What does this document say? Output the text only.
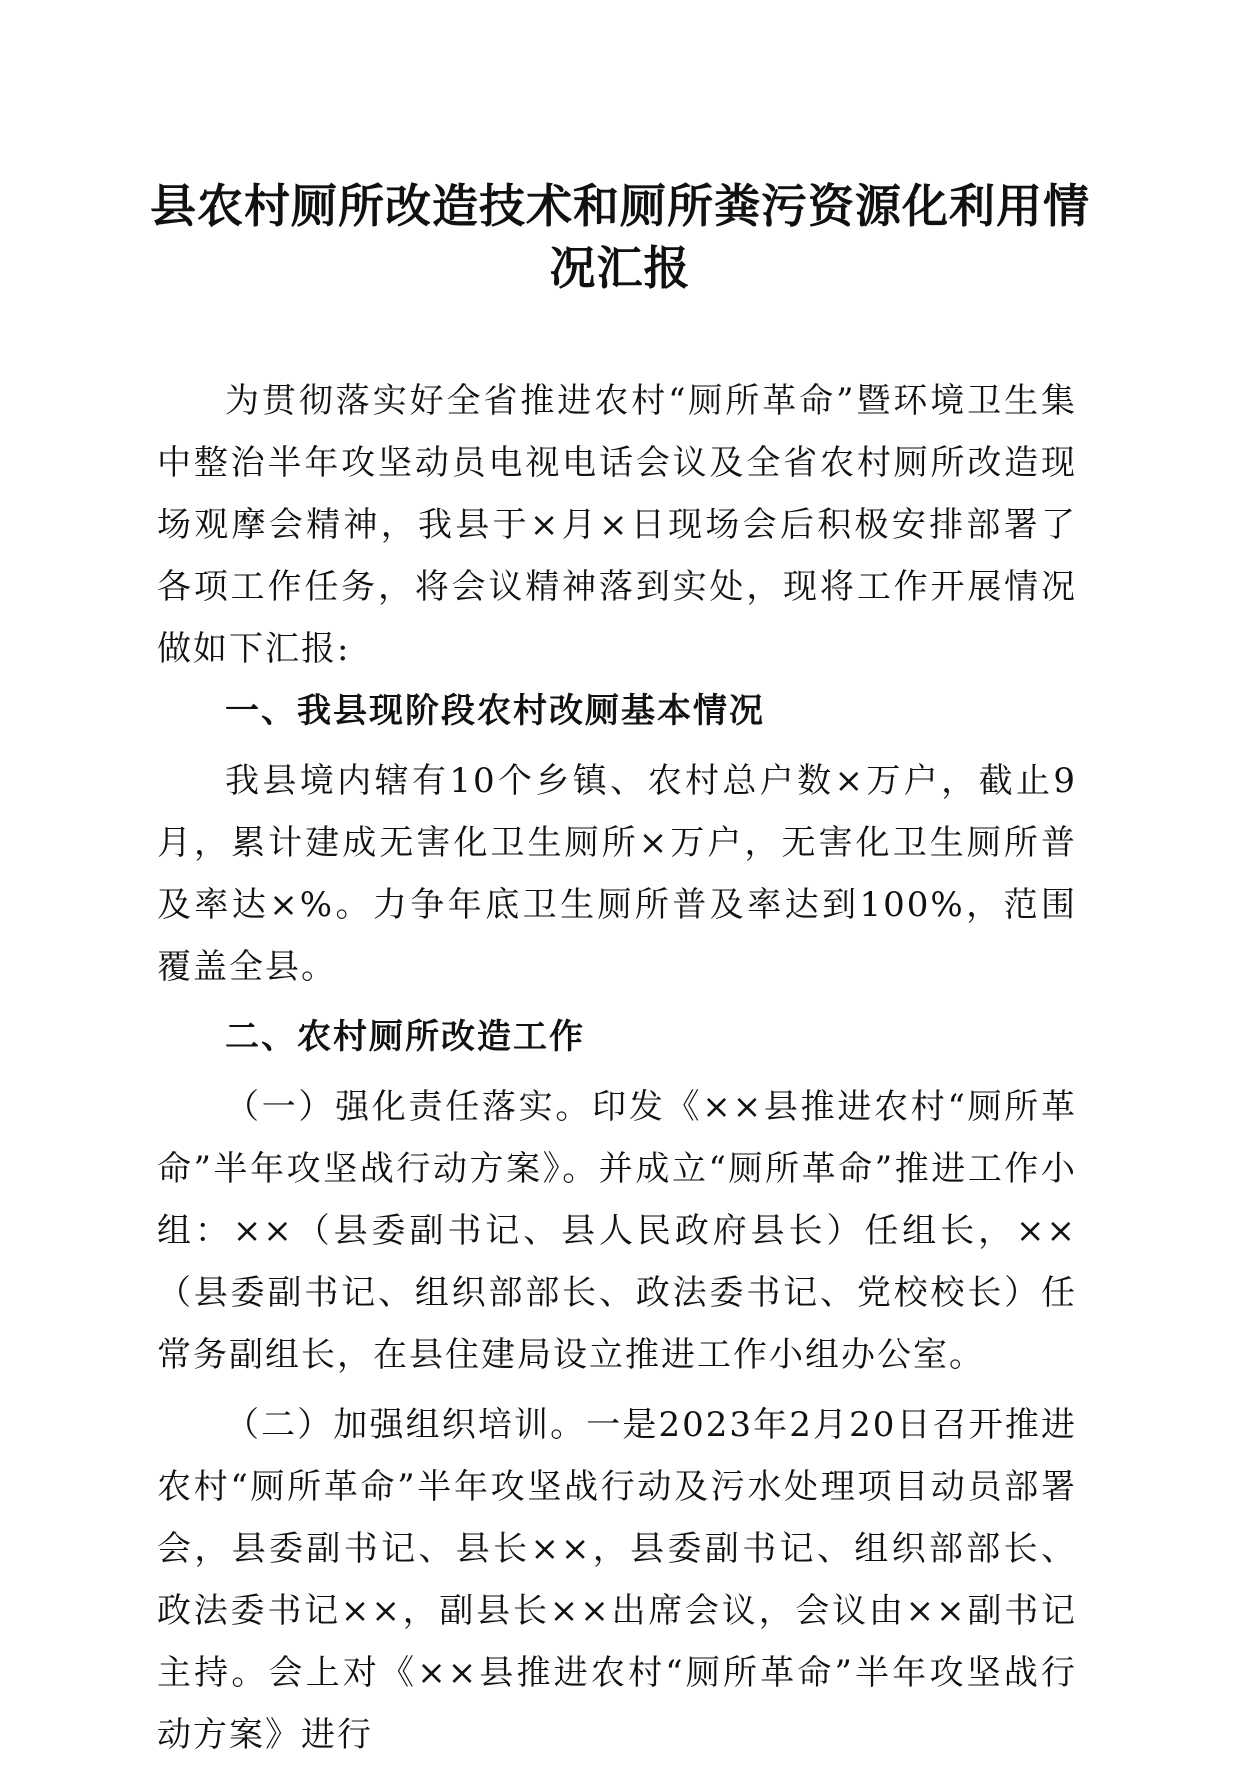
县农村厕所改造技术和厕所粪污资源化利用情况汇报

为贯彻落实好全省推进农村“厕所革命”暨环境卫生集中整治半年攻坚动员电视电话会议及全省农村厕所改造现场观摩会精神，我县于×月×日现场会后积极安排部署了各项工作任务，将会议精神落到实处，现将工作开展情况做如下汇报:

一、我县现阶段农村改厕基本情况

我县境内辖有10个乡镇、农村总户数×万户，截止9月，累计建成无害化卫生厕所×万户，无害化卫生厕所普及率达×%。力争年底卫生厕所普及率达到100%，范围覆盖全县。

二、农村厕所改造工作

（一）强化责任落实。印发《××县推进农村“厕所革命”半年攻坚战行动方案》。并成立“厕所革命”推进工作小组：××（县委副书记、县人民政府县长）任组长，××（县委副书记、组织部部长、政法委书记、党校校长）任常务副组长，在县住建局设立推进工作小组办公室。

（二）加强组织培训。一是2023年2月20日召开推进农村“厕所革命”半年攻坚战行动及污水处理项目动员部署会，县委副书记、县长××，县委副书记、组织部部长、政法委书记××，副县长××出席会议，会议由××副书记主持。会上对《××县推进农村“厕所革命”半年攻坚战行动方案》进行
